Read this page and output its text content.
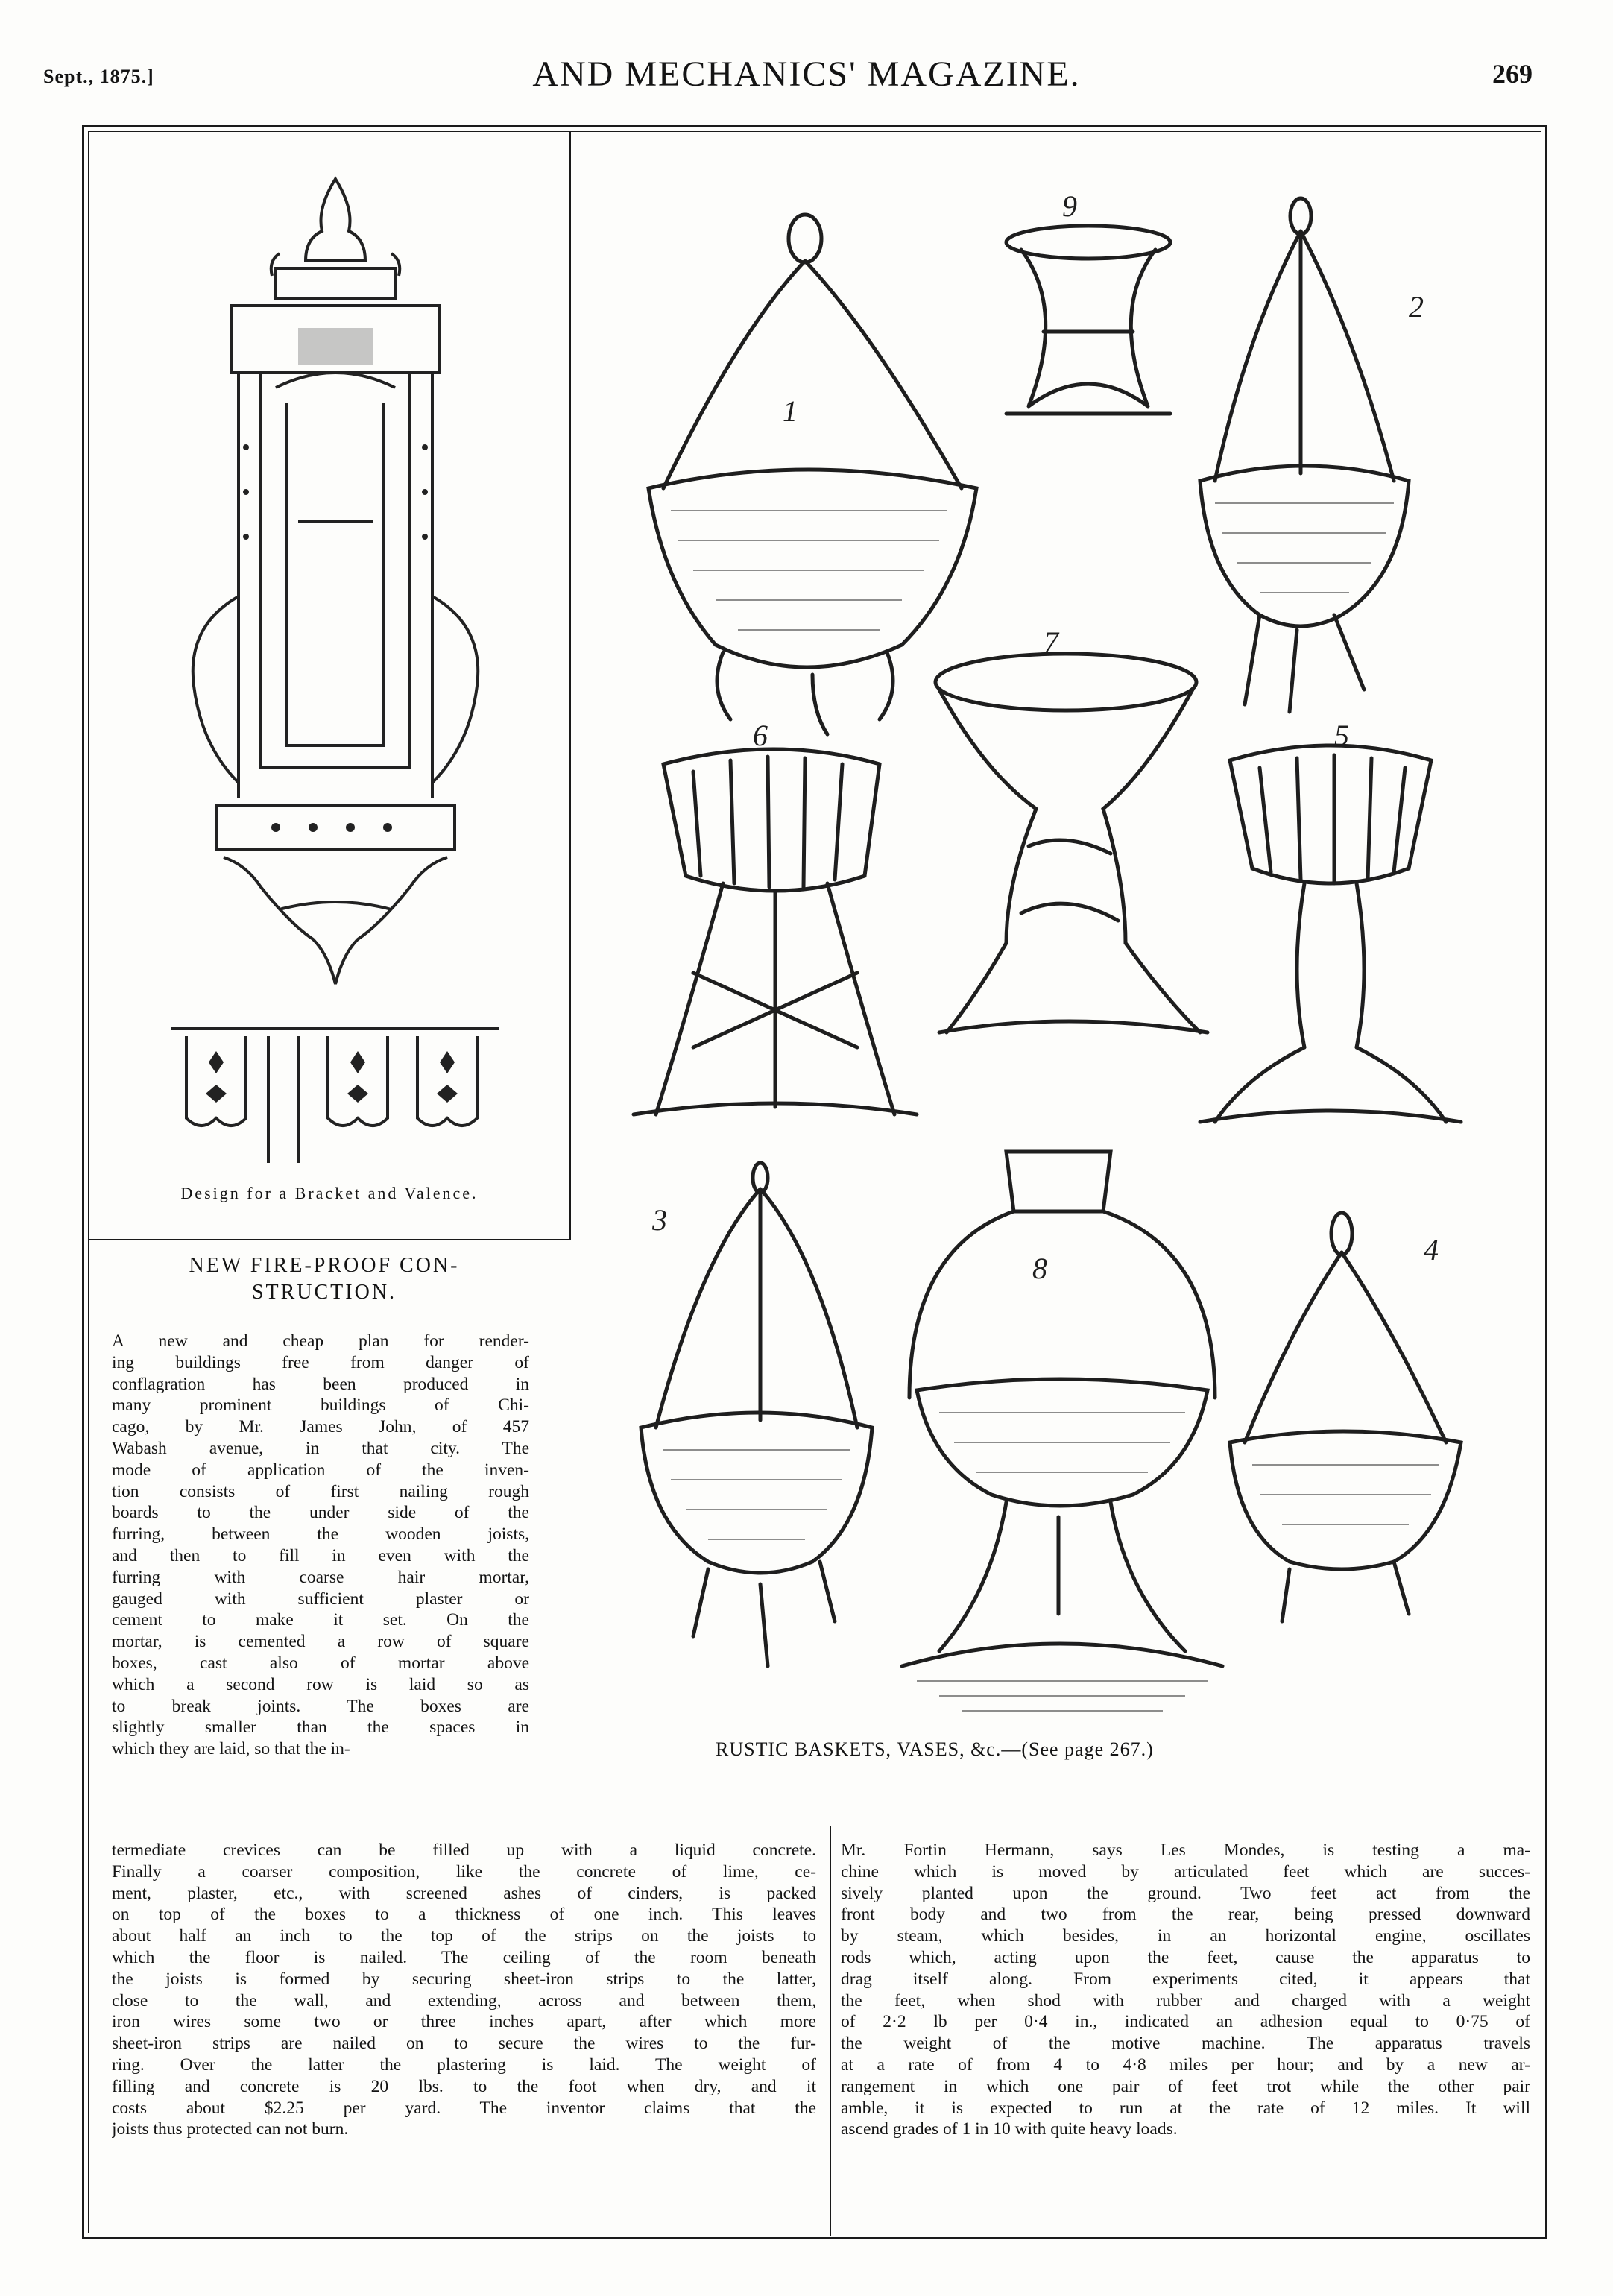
Sept., 1875.]	AND MECHANICS' MAGAZINE.	269
Design for a Bracket and Valence.
1
2
3
4
5
6
7
8
9
RUSTIC BASKETS, VASES, &c.—(See page 267.)
NEW FIRE-PROOF CON-
STRUCTION.
A new and cheap plan for render-
ing buildings free from danger of
conflagration has been produced in
many prominent buildings of Chi-
cago, by Mr. James John, of 457
Wabash avenue, in that city. The
mode of application of the inven-
tion consists of first nailing rough
boards to the under side of the
furring, between the wooden joists,
and then to fill in even with the
furring with coarse hair mortar,
gauged with sufficient plaster or
cement to make it set. On the
mortar, is cemented a row of square
boxes, cast also of mortar above
which a second row is laid so as
to break joints. The boxes are
slightly smaller than the spaces in
which they are laid, so that the in-
termediate crevices can be filled up with a liquid concrete.
Finally a coarser composition, like the concrete of lime, ce-
ment, plaster, etc., with screened ashes of cinders, is packed
on top of the boxes to a thickness of one inch. This leaves
about half an inch to the top of the strips on the joists to
which the floor is nailed. The ceiling of the room beneath
the joists is formed by securing sheet-iron strips to the latter,
close to the wall, and extending, across and between them,
iron wires some two or three inches apart, after which more
sheet-iron strips are nailed on to secure the wires to the fur-
ring. Over the latter the plastering is laid. The weight of
filling and concrete is 20 lbs. to the foot when dry, and it
costs about $2.25 per yard. The inventor claims that the
joists thus protected can not burn.
Mr. Fortin Hermann, says Les Mondes, is testing a ma-
chine which is moved by articulated feet which are succes-
sively planted upon the ground. Two feet act from the
front body and two from the rear, being pressed downward
by steam, which besides, in an horizontal engine, oscillates
rods which, acting upon the feet, cause the apparatus to
drag itself along. From experiments cited, it appears that
the feet, when shod with rubber and charged with a weight
of 2·2 lb per 0·4 in., indicated an adhesion equal to 0·75 of
the weight of the motive machine. The apparatus travels
at a rate of from 4 to 4·8 miles per hour; and by a new ar-
rangement in which one pair of feet trot while the other pair
amble, it is expected to run at the rate of 12 miles. It will
ascend grades of 1 in 10 with quite heavy loads.
